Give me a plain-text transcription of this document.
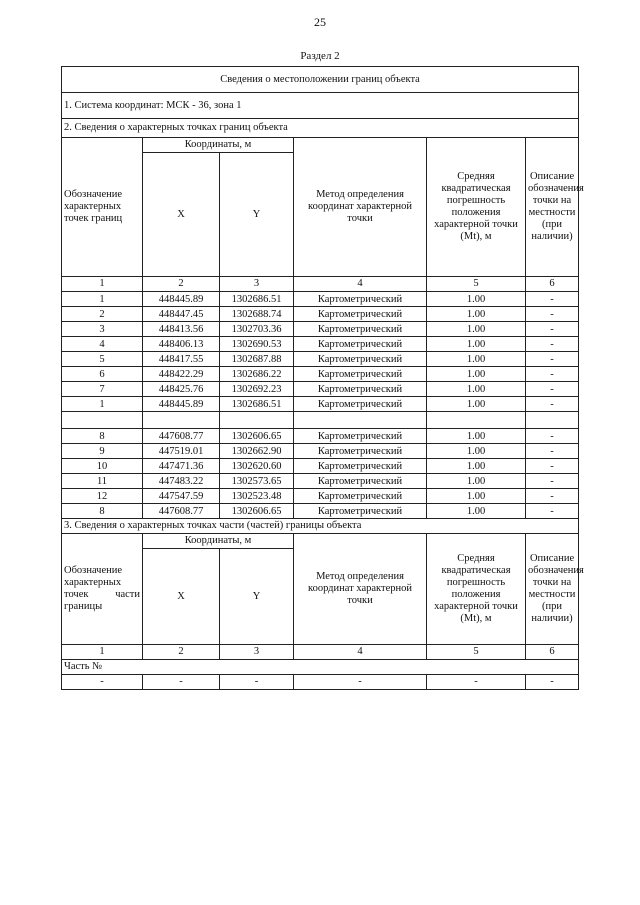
25
Раздел 2
Сведения о местоположении границ объекта					
1. Система координат: МСК - 36, зона 1					
2. Сведения о характерных точках границ объекта					
Обозначение характерных точек границ	Координаты, м		Метод определения координат характерной точки	Средняя квадратическая погрешность положения характерной точки (Mt), м	Описание обозначения точки на местности (при наличии)
	X	Y			
1	2	3	4	5	6
1	448445.89	1302686.51	Картометрический	1.00	-
2	448447.45	1302688.74	Картометрический	1.00	-
3	448413.56	1302703.36	Картометрический	1.00	-
4	448406.13	1302690.53	Картометрический	1.00	-
5	448417.55	1302687.88	Картометрический	1.00	-
6	448422.29	1302686.22	Картометрический	1.00	-
7	448425.76	1302692.23	Картометрический	1.00	-
1	448445.89	1302686.51	Картометрический	1.00	-

8	447608.77	1302606.65	Картометрический	1.00	-
9	447519.01	1302662.90	Картометрический	1.00	-
10	447471.36	1302620.60	Картометрический	1.00	-
11	447483.22	1302573.65	Картометрический	1.00	-
12	447547.59	1302523.48	Картометрический	1.00	-
8	447608.77	1302606.65	Картометрический	1.00	-
3. Сведения о характерных точках части (частей) границы объекта					

Обозначение характерных точек части границы	Координаты, м		Метод определения координат характерной точки	Средняя квадратическая погрешность положения характерной точки (Mt), м	Описание обозначения точки на местности (при наличии)
	X	Y			
1	2	3	4	5	6
Часть №					
-	-	-	-	-	-
